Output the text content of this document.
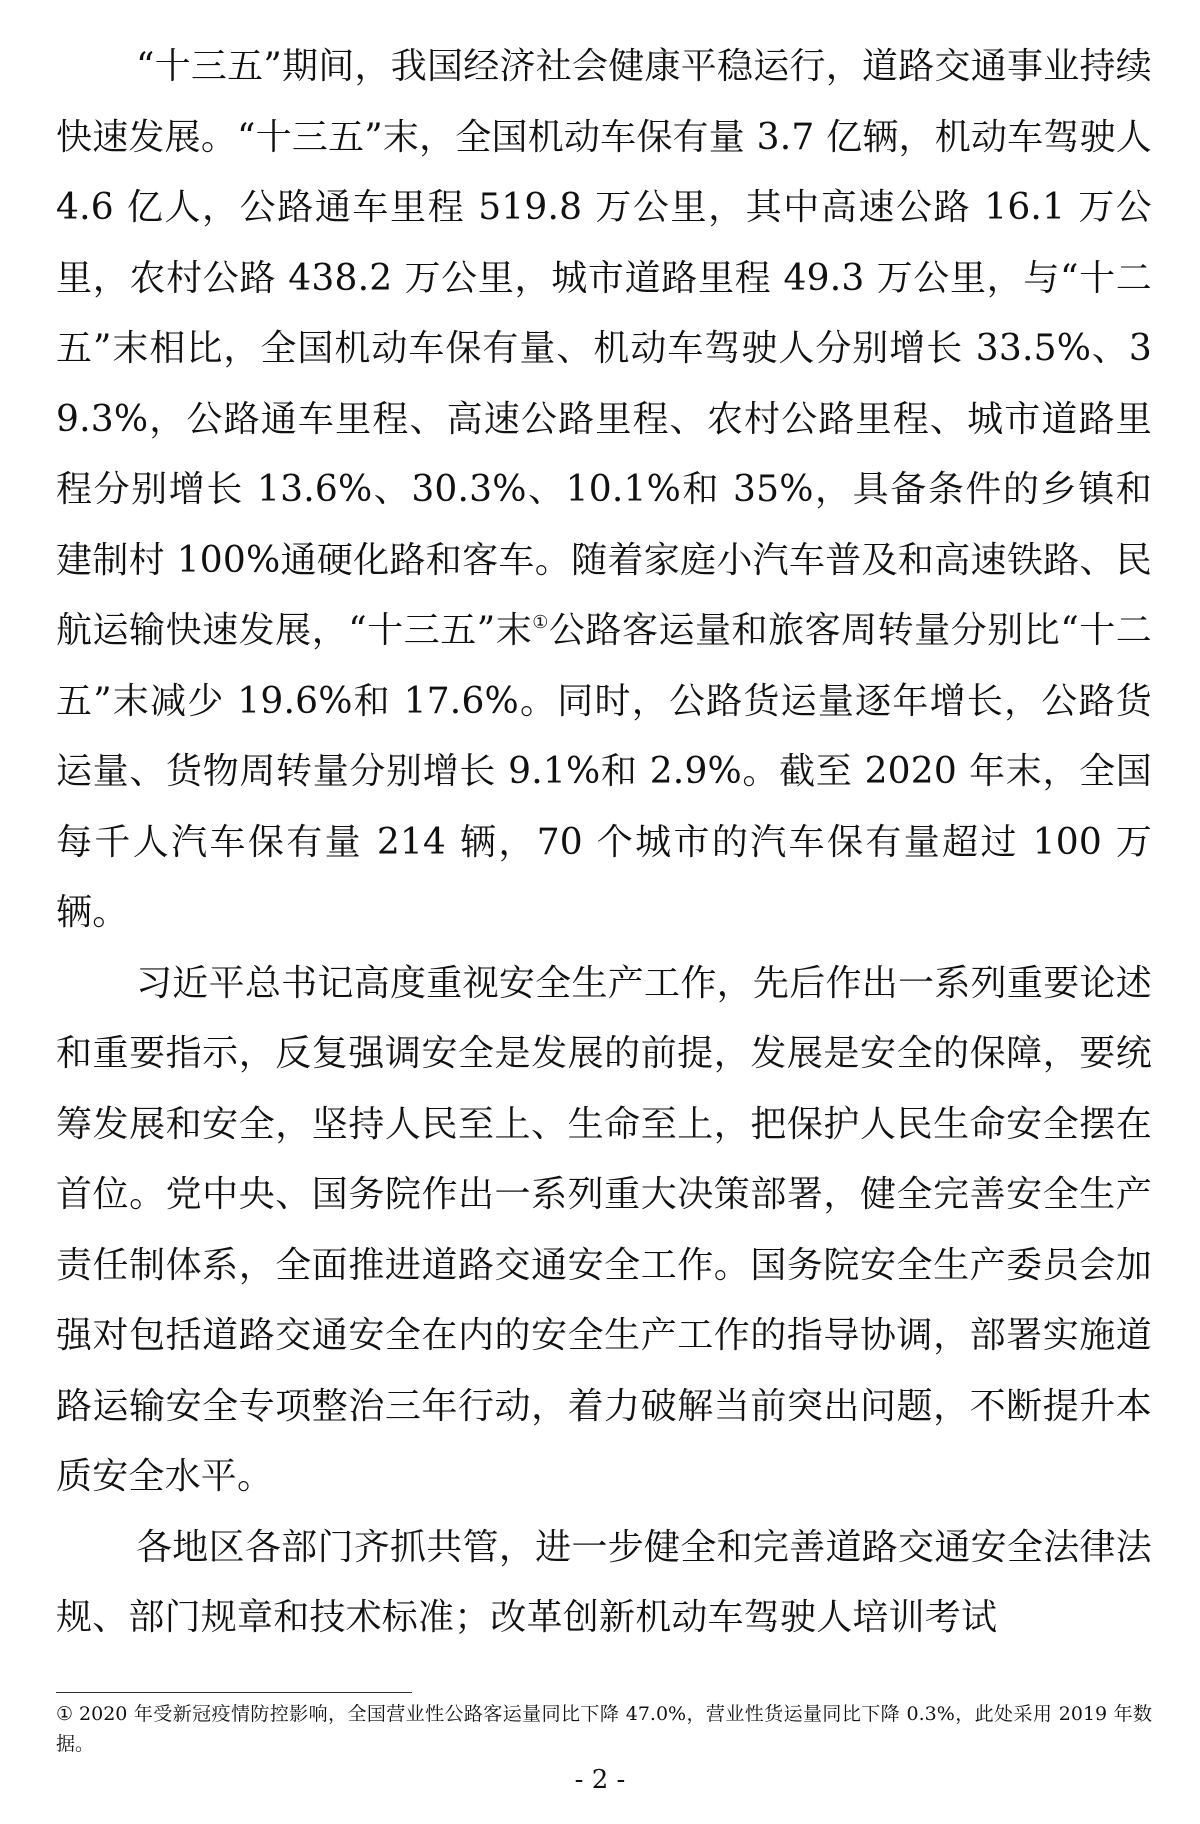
“十三五”期间，我国经济社会健康平稳运行，道路交通事业持续快速发展。“十三五”末，全国机动车保有量 3.7 亿辆，机动车驾驶人 4.6 亿人，公路通车里程 519.8 万公里，其中高速公路 16.1 万公里，农村公路 438.2 万公里，城市道路里程 49.3 万公里，与“十二五”末相比，全国机动车保有量、机动车驾驶人分别增长 33.5%、39.3%，公路通车里程、高速公路里程、农村公路里程、城市道路里程分别增长 13.6%、30.3%、10.1%和 35%，具备条件的乡镇和建制村 100%通硬化路和客车。随着家庭小汽车普及和高速铁路、民航运输快速发展，“十三五”末①公路客运量和旅客周转量分别比“十二五”末减少 19.6%和 17.6%。同时，公路货运量逐年增长，公路货运量、货物周转量分别增长 9.1%和 2.9%。截至 2020 年末，全国每千人汽车保有量 214 辆，70 个城市的汽车保有量超过 100 万辆。

习近平总书记高度重视安全生产工作，先后作出一系列重要论述和重要指示，反复强调安全是发展的前提，发展是安全的保障，要统筹发展和安全，坚持人民至上、生命至上，把保护人民生命安全摆在首位。党中央、国务院作出一系列重大决策部署，健全完善安全生产责任制体系，全面推进道路交通安全工作。国务院安全生产委员会加强对包括道路交通安全在内的安全生产工作的指导协调，部署实施道路运输安全专项整治三年行动，着力破解当前突出问题，不断提升本质安全水平。

各地区各部门齐抓共管，进一步健全和完善道路交通安全法律法规、部门规章和技术标准；改革创新机动车驾驶人培训考试

① 2020 年受新冠疫情防控影响，全国营业性公路客运量同比下降 47.0%，营业性货运量同比下降 0.3%，此处采用 2019 年数据。
- 2 -
